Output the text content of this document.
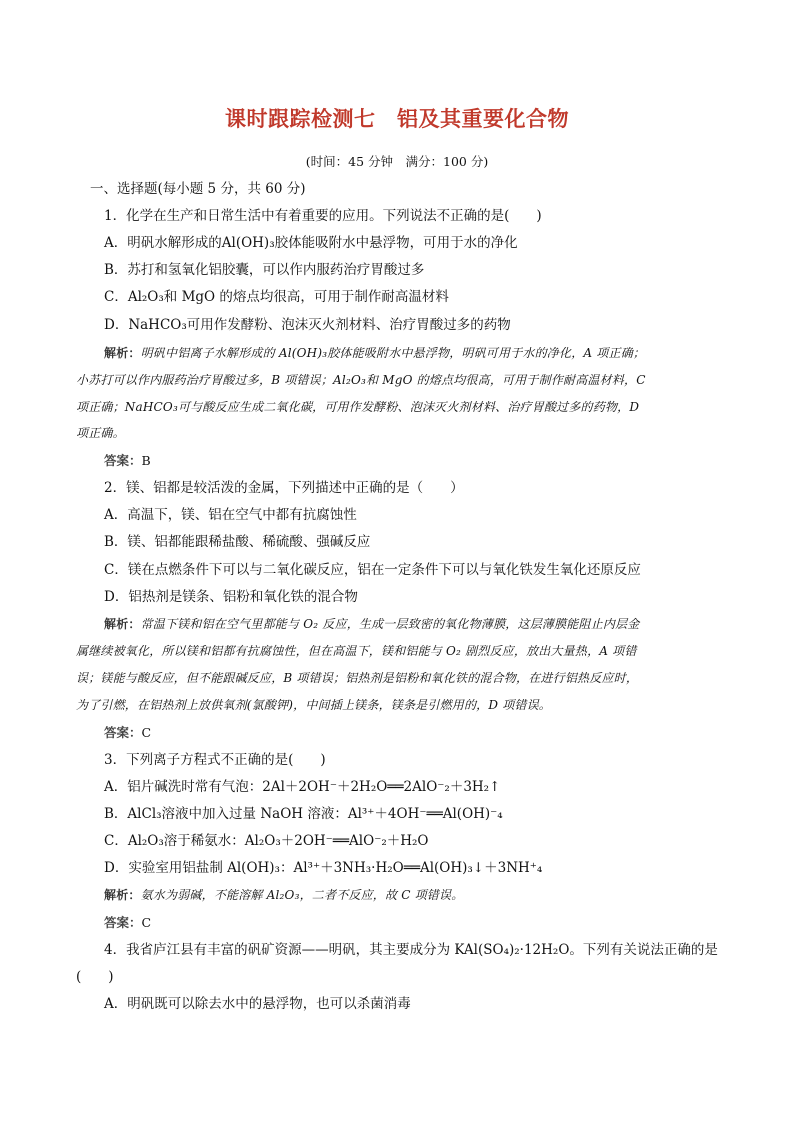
课时跟踪检测七　铝及其重要化合物
(时间：45 分钟　满分：100 分)
一、选择题(每小题 5 分，共 60 分)
1．化学在生产和日常生活中有着重要的应用。下列说法不正确的是(　　)
A．明矾水解形成的Al(OH)₃胶体能吸附水中悬浮物，可用于水的净化
B．苏打和氢氧化铝胶囊，可以作内服药治疗胃酸过多
C．Al₂O₃和 MgO 的熔点均很高，可用于制作耐高温材料
D．NaHCO₃可用作发酵粉、泡沫灭火剂材料、治疗胃酸过多的药物
解析：明矾中铝离子水解形成的 Al(OH)₃胶体能吸附水中悬浮物，明矾可用于水的净化，A 项正确；
小苏打可以作内服药治疗胃酸过多，B 项错误；Al₂O₃和 MgO 的熔点均很高，可用于制作耐高温材料，C
项正确；NaHCO₃可与酸反应生成二氧化碳，可用作发酵粉、泡沫灭火剂材料、治疗胃酸过多的药物，D
项正确。
答案：B
2．镁、铝都是较活泼的金属，下列描述中正确的是（　　）
A．高温下，镁、铝在空气中都有抗腐蚀性
B．镁、铝都能跟稀盐酸、稀硫酸、强碱反应
C．镁在点燃条件下可以与二氧化碳反应，铝在一定条件下可以与氧化铁发生氧化还原反应
D．铝热剂是镁条、铝粉和氧化铁的混合物
解析：常温下镁和铝在空气里都能与 O₂ 反应，生成一层致密的氧化物薄膜，这层薄膜能阻止内层金
属继续被氧化，所以镁和铝都有抗腐蚀性，但在高温下，镁和铝能与 O₂ 剧烈反应，放出大量热，A 项错
误；镁能与酸反应，但不能跟碱反应，B 项错误；铝热剂是铝粉和氧化铁的混合物，在进行铝热反应时，
为了引燃，在铝热剂上放供氧剂(氯酸钾)，中间插上镁条，镁条是引燃用的，D 项错误。
答案：C
3．下列离子方程式不正确的是(　　)
A．铝片碱洗时常有气泡：2Al＋2OH⁻＋2H₂O══2AlO⁻₂＋3H₂↑
B．AlCl₃溶液中加入过量 NaOH 溶液：Al³⁺＋4OH⁻══Al(OH)⁻₄
C．Al₂O₃溶于稀氨水：Al₂O₃＋2OH⁻══AlO⁻₂＋H₂O
D．实验室用铝盐制 Al(OH)₃：Al³⁺＋3NH₃·H₂O══Al(OH)₃↓＋3NH⁺₄
解析：氨水为弱碱，不能溶解 Al₂O₃，二者不反应，故 C 项错误。
答案：C
4．我省庐江县有丰富的矾矿资源——明矾，其主要成分为 KAl(SO₄)₂·12H₂O。下列有关说法正确的是
(　　)
A．明矾既可以除去水中的悬浮物，也可以杀菌消毒
